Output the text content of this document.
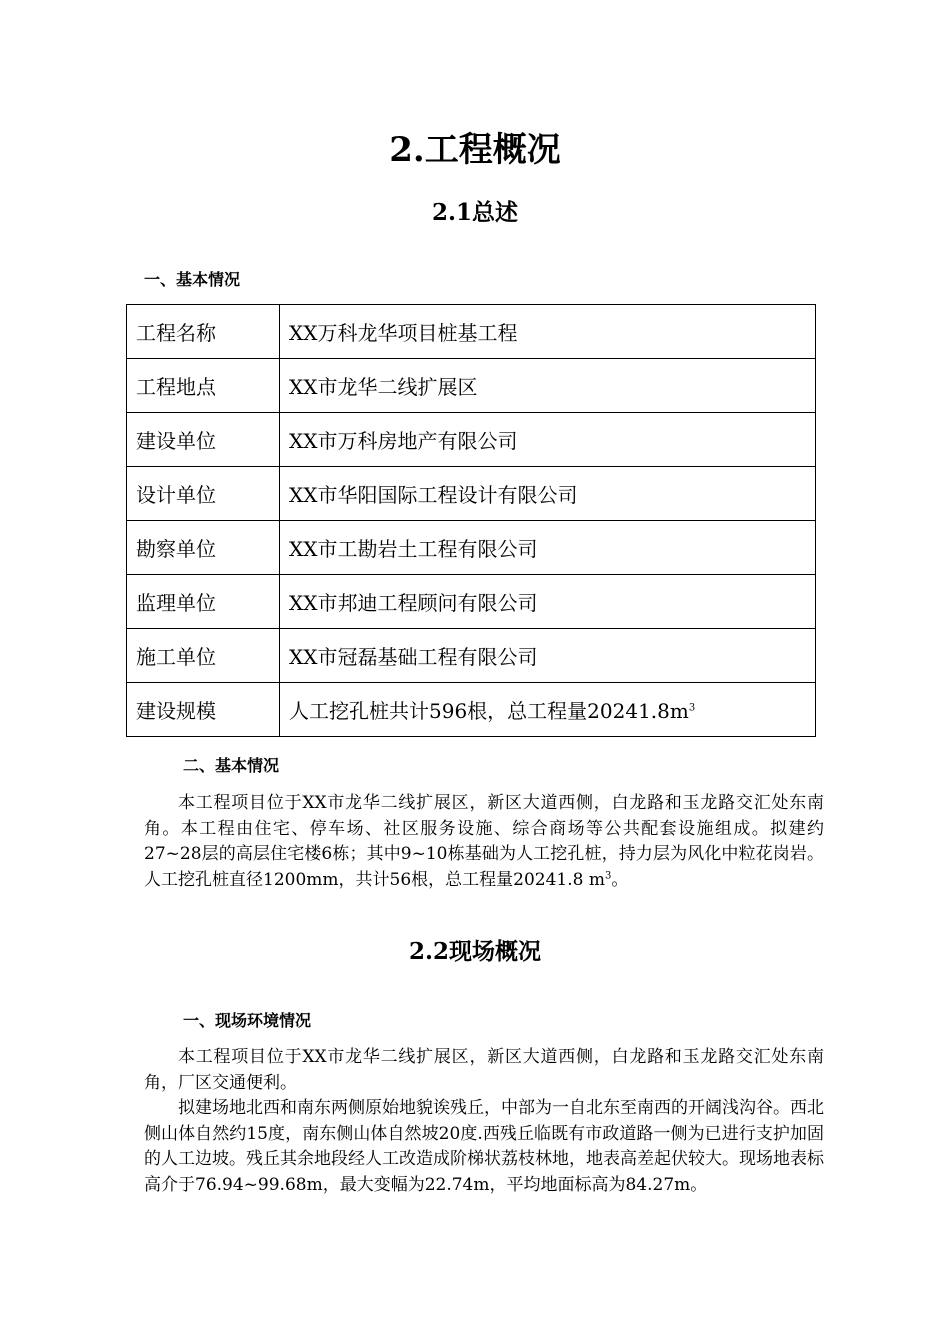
2.工程概况
2.1总述
一、基本情况
工程名称	XX万科龙华项目桩基工程
工程地点	XX市龙华二线扩展区
建设单位	XX市万科房地产有限公司
设计单位	XX市华阳国际工程设计有限公司
勘察单位	XX市工勘岩土工程有限公司
监理单位	XX市邦迪工程顾问有限公司
施工单位	XX市冠磊基础工程有限公司
建设规模	人工挖孔桩共计596根，总工程量$20241.8m^3$
二、基本情况

本工程项目位于XX市龙华二线扩展区，新区大道西侧，白龙路和玉龙路交汇处东南角。本工程由住宅、停车场、社区服务设施、综合商场等公共配套设施组成。拟建约27~28层的高层住宅楼6栋；其中9~10栋基础为人工挖孔桩，持力层为风化中粒花岗岩。人工挖孔桩直径1200mm，共计56根，总工程量20241.8 $m^3$。

2.2现场概况
一、现场环境情况

本工程项目位于XX市龙华二线扩展区，新区大道西侧，白龙路和玉龙路交汇处东南角，厂区交通便利。

拟建场地北西和南东两侧原始地貌诶残丘，中部为一自北东至南西的开阔浅沟谷。西北侧山体自然约15度，南东侧山体自然坡20度.西残丘临既有市政道路一侧为已进行支护加固的人工边坡。残丘其余地段经人工改造成阶梯状荔枝林地，地表高差起伏较大。现场地表标高介于76.94~99.68m，最大变幅为22.74m，平均地面标高为84.27m。
